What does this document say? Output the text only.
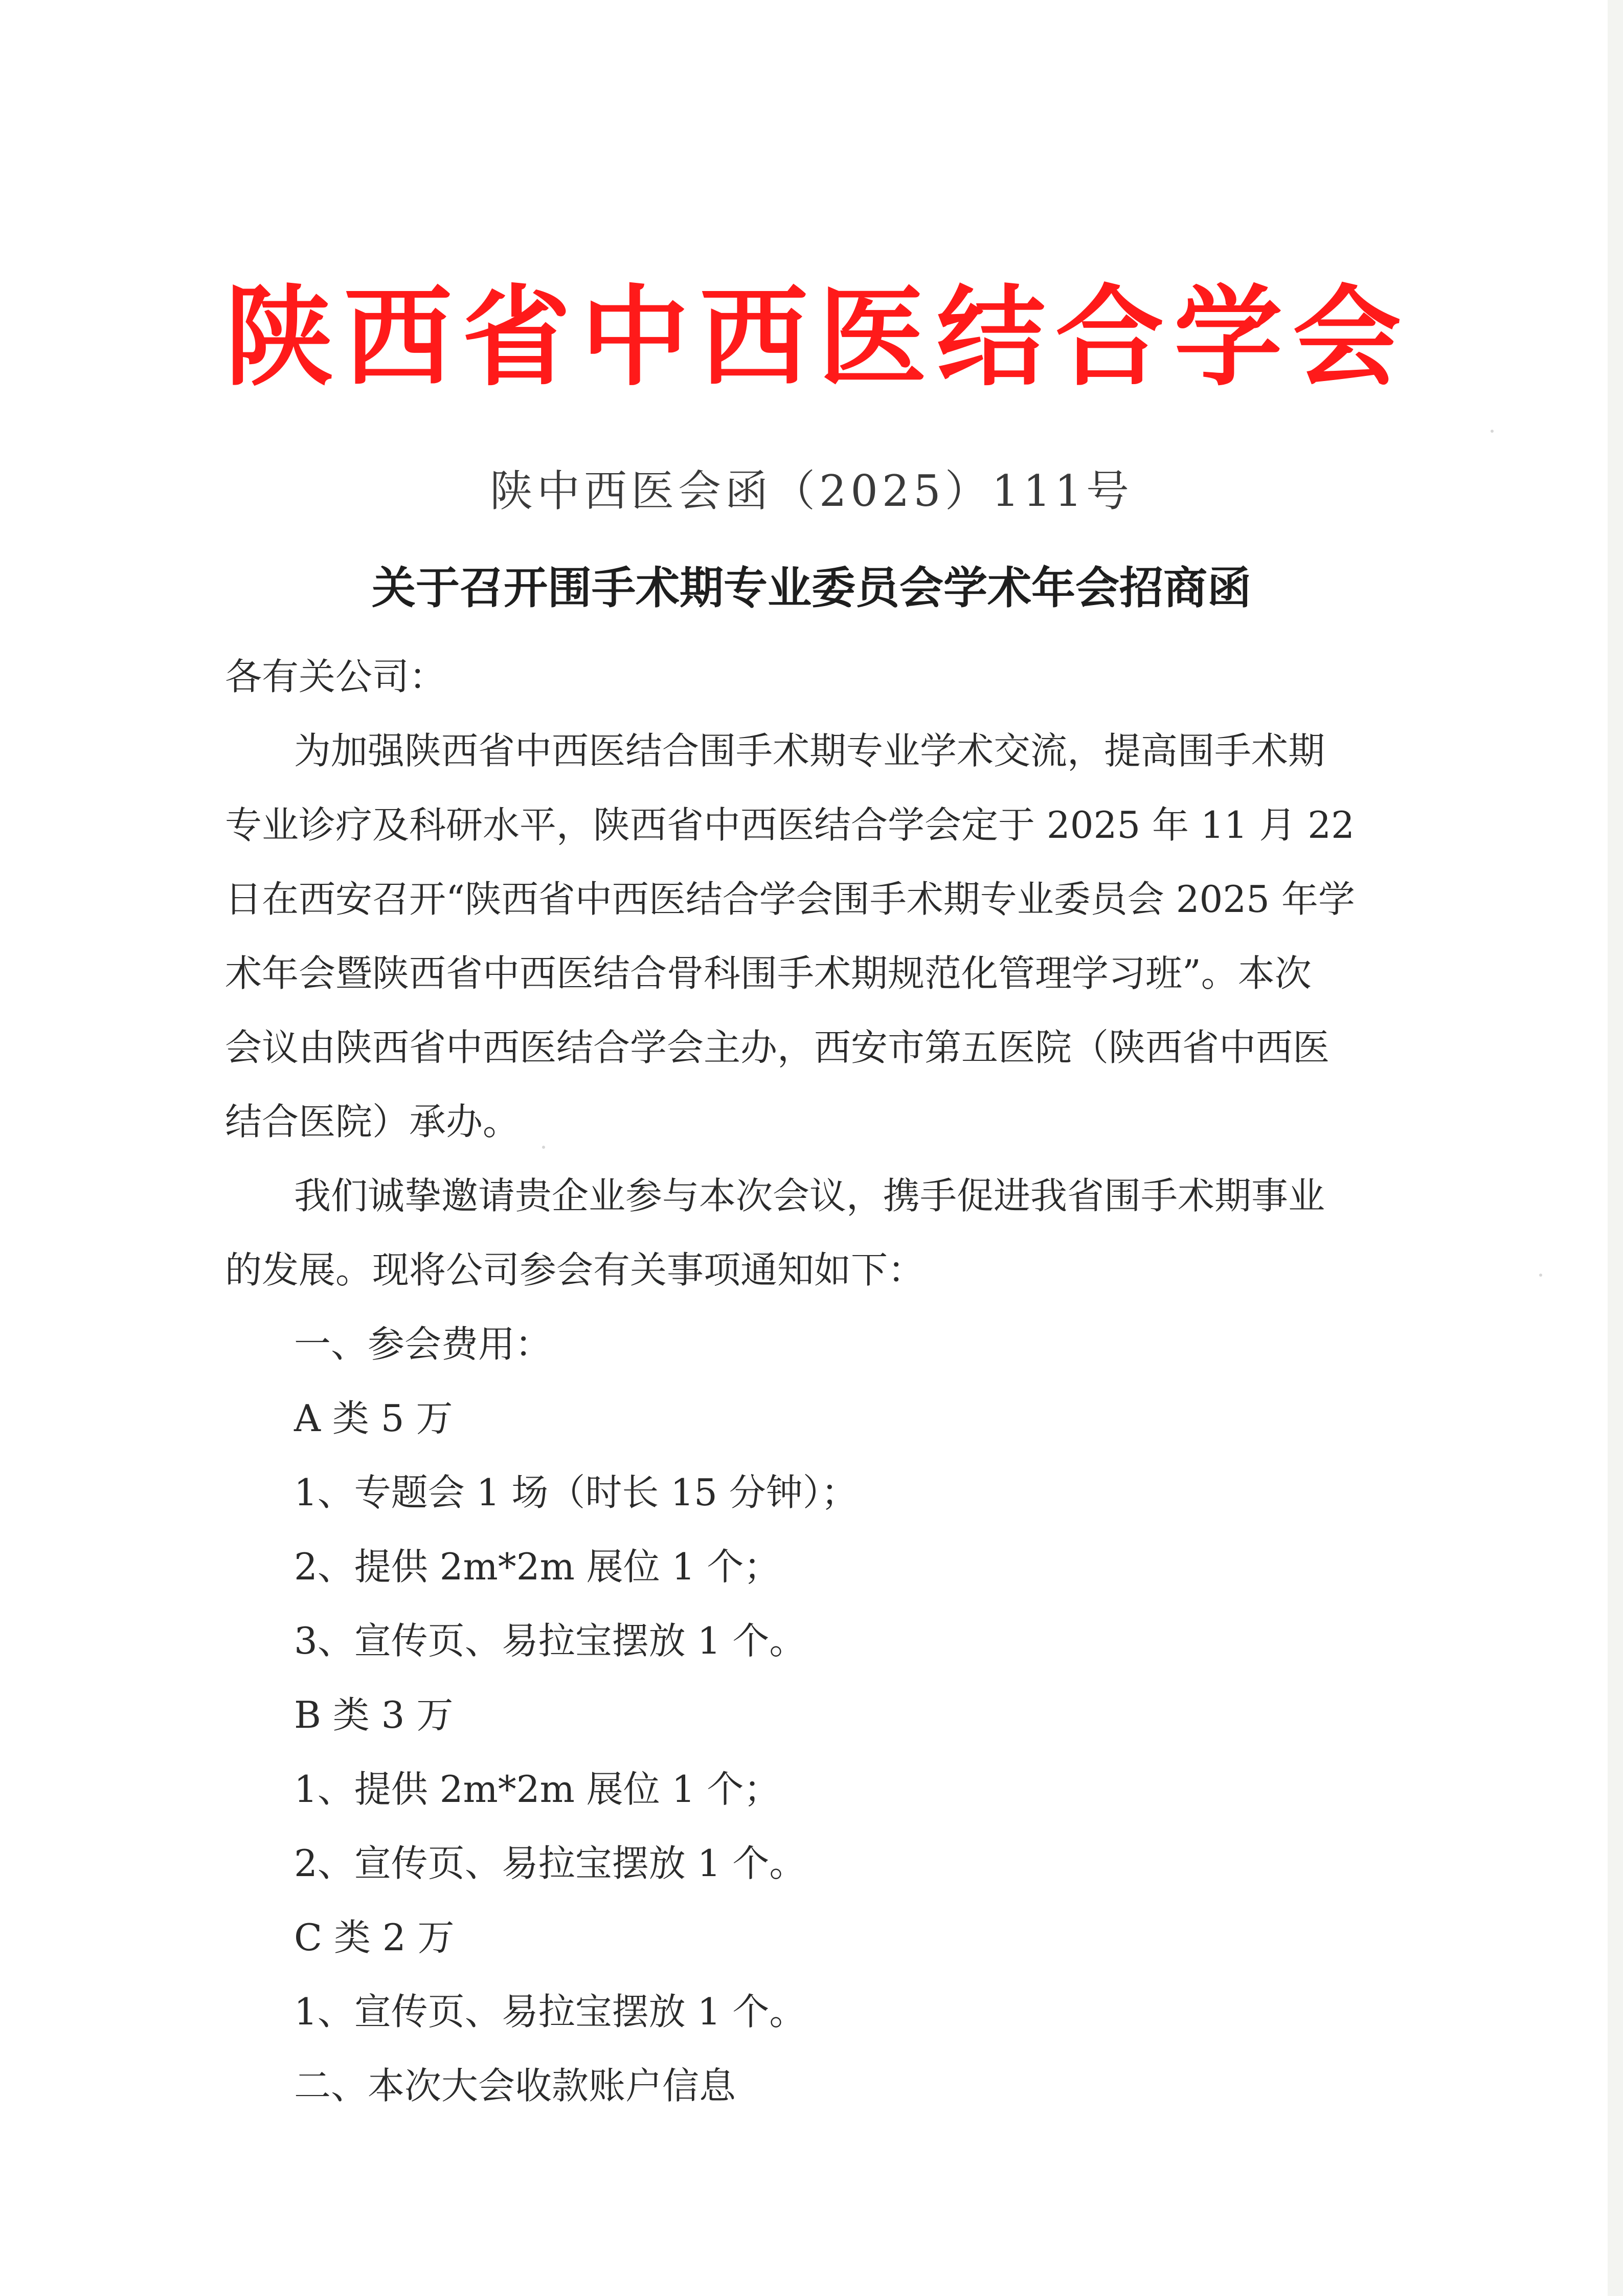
陕西省中西医结合学会
陕中西医会函（2025）111号
关于召开围手术期专业委员会学术年会招商函
各有关公司：
为加强陕西省中西医结合围手术期专业学术交流，提高围手术期
专业诊疗及科研水平，陕西省中西医结合学会定于 2025 年 11 月 22
日在西安召开“陕西省中西医结合学会围手术期专业委员会 2025 年学
术年会暨陕西省中西医结合骨科围手术期规范化管理学习班”。本次
会议由陕西省中西医结合学会主办，西安市第五医院（陕西省中西医
结合医院）承办。
我们诚挚邀请贵企业参与本次会议，携手促进我省围手术期事业
的发展。现将公司参会有关事项通知如下：
一、参会费用：
A 类 5 万
1、专题会 1 场（时长 15 分钟）；
2、提供 2m*2m 展位 1 个；
3、宣传页、易拉宝摆放 1 个。
B 类 3 万
1、提供 2m*2m 展位 1 个；
2、宣传页、易拉宝摆放 1 个。
C 类 2 万
1、宣传页、易拉宝摆放 1 个。
二、本次大会收款账户信息
